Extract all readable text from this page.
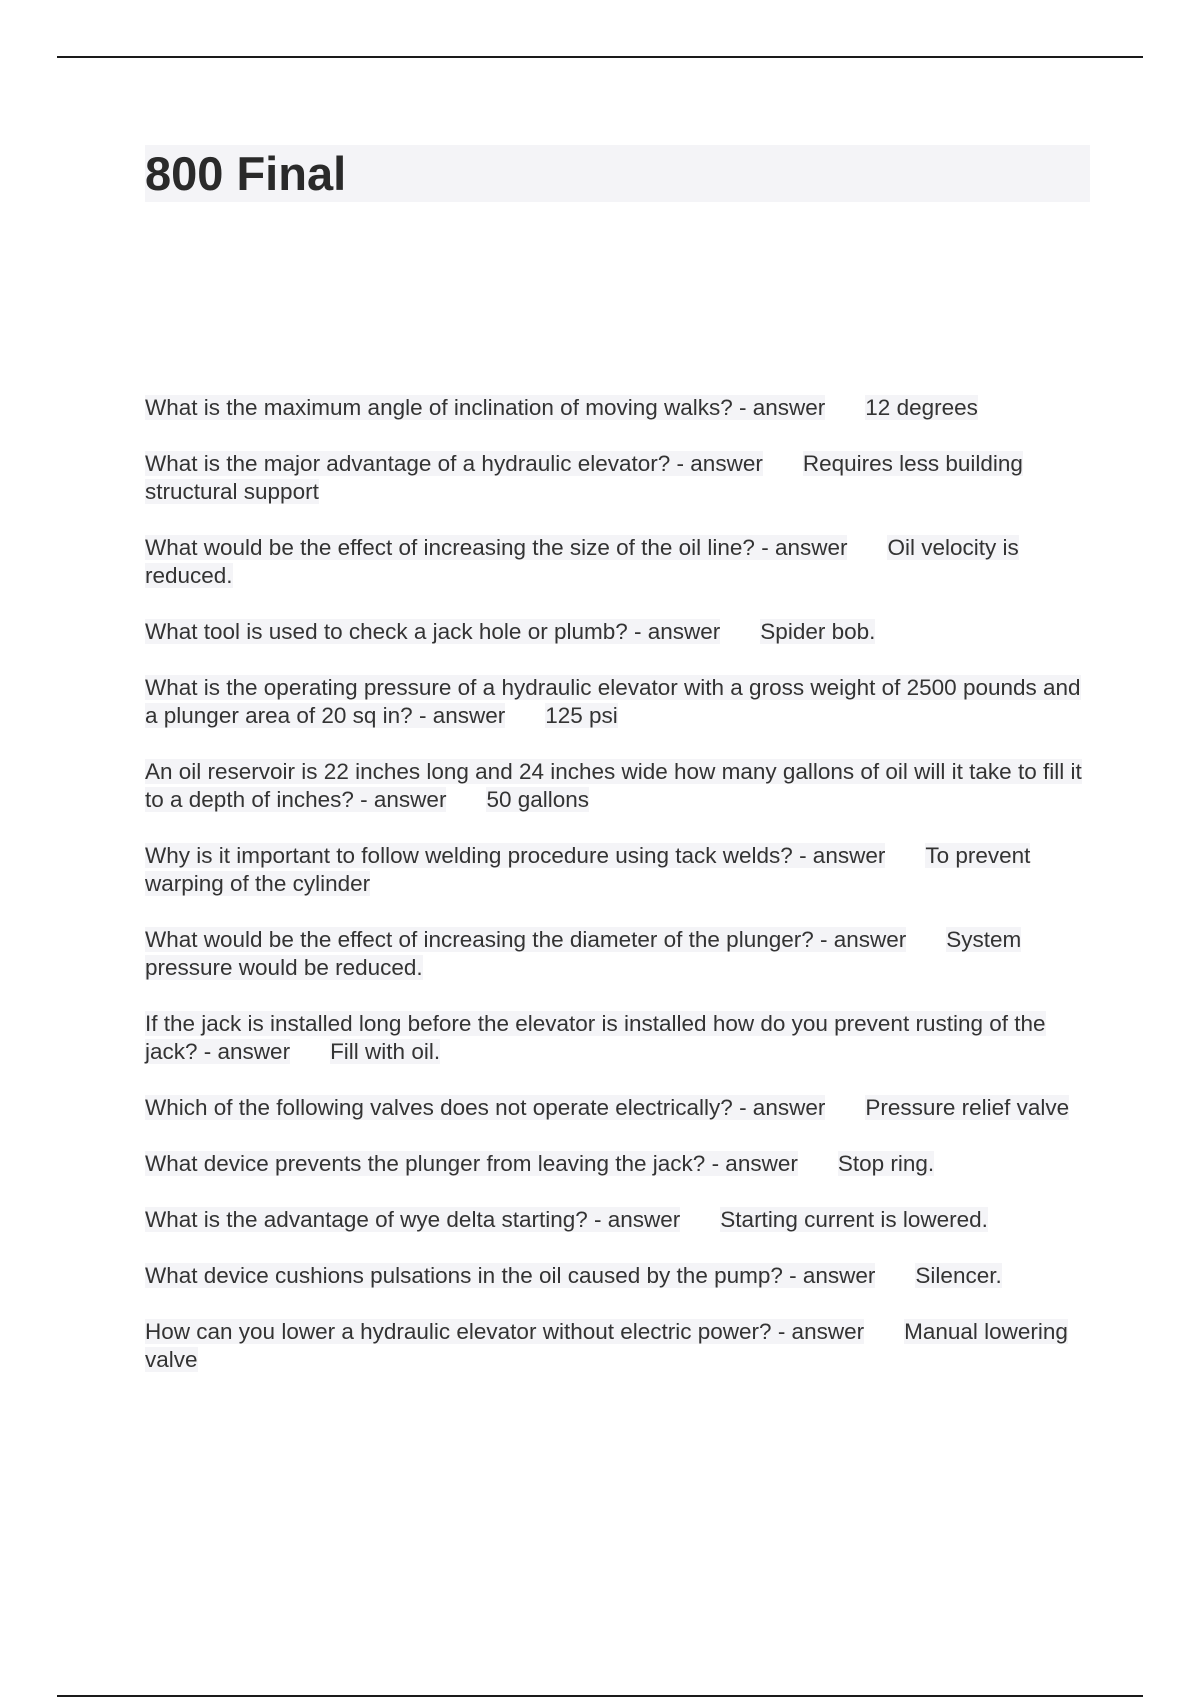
800 Final
What is the maximum angle of inclination of moving walks? - answer 12 degrees
What is the major advantage of a hydraulic elevator? - answer Requires less building structural support
What would be the effect of increasing the size of the oil line? - answer Oil velocity is reduced.
What tool is used to check a jack hole or plumb? - answer Spider bob.
What is the operating pressure of a hydraulic elevator with a gross weight of 2500 pounds and a plunger area of 20 sq in? - answer 125 psi
An oil reservoir is 22 inches long and 24 inches wide how many gallons of oil will it take to fill it to a depth of inches? - answer 50 gallons
Why is it important to follow welding procedure using tack welds? - answer To prevent warping of the cylinder
What would be the effect of increasing the diameter of the plunger? - answer System pressure would be reduced.
If the jack is installed long before the elevator is installed how do you prevent rusting of the jack? - answer Fill with oil.
Which of the following valves does not operate electrically? - answer Pressure relief valve
What device prevents the plunger from leaving the jack? - answer Stop ring.
What is the advantage of wye delta starting? - answer Starting current is lowered.
What device cushions pulsations in the oil caused by the pump? - answer Silencer.
How can you lower a hydraulic elevator without electric power? - answer Manual lowering valve
